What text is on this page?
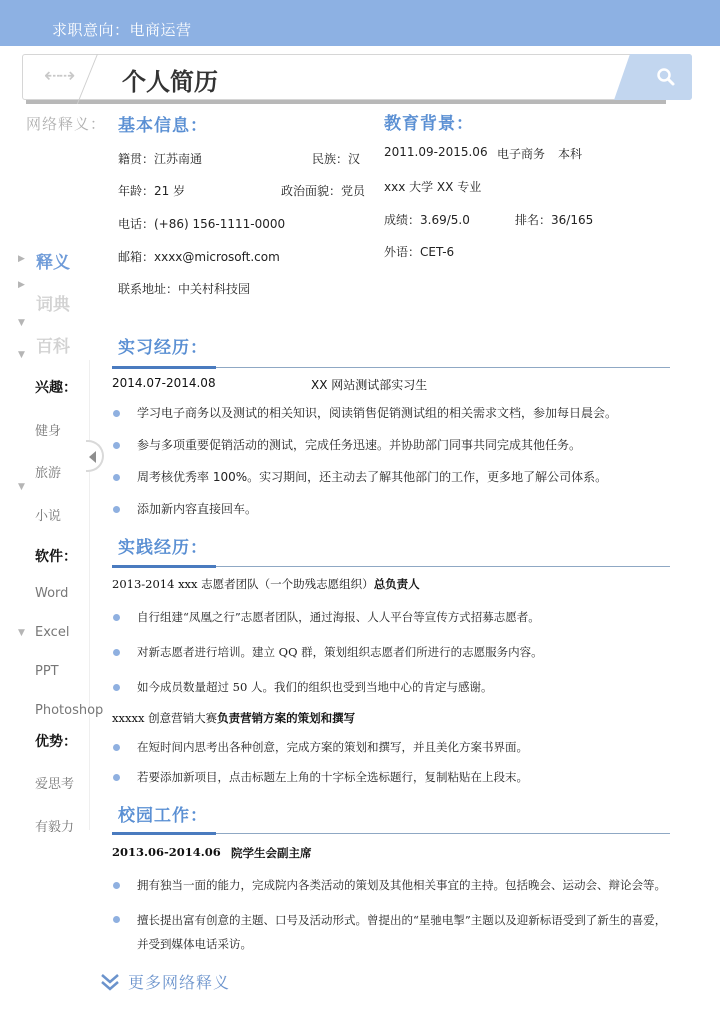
求职意向：电商运营
⇠⇢ 个人简历
网络释义：
▶ 释义
▶
词典
▼
百科
▼
▼
▼
兴趣：
健身
旅游
小说
软件：
Word
Excel
PPT
Photoshop
优势：
爱思考
有毅力
基本信息：
籍贯：江苏南通	民族：汉
年龄：21 岁	政治面貌：党员
电话：(+86) 156-1111-0000
邮箱：xxxx@microsoft.com
联系地址：中关村科技园
教育背景：
2011.09-2015.06 电子商务 本科
xxx 大学 XX 专业
成绩：3.69/5.0	排名：36/165
外语：CET-6
实习经历：
2014.07-2014.08	XX 网站测试部实习生
学习电子商务以及测试的相关知识，阅读销售促销测试组的相关需求文档，参加每日晨会。
参与多项重要促销活动的测试，完成任务迅速。并协助部门同事共同完成其他任务。
周考核优秀率 100%。实习期间，还主动去了解其他部门的工作，更多地了解公司体系。
添加新内容直接回车。
实践经历：
2013-2014 xxx 志愿者团队（一个助残志愿组织）总负责人
自行组建“凤凰之行”志愿者团队，通过海报、人人平台等宣传方式招募志愿者。
对新志愿者进行培训。建立 QQ 群，策划组织志愿者们所进行的志愿服务内容。
如今成员数量超过 50 人。我们的组织也受到当地中心的肯定与感谢。
xxxxx 创意营销大赛负责营销方案的策划和撰写
在短时间内思考出各种创意，完成方案的策划和撰写，并且美化方案书界面。
若要添加新项目，点击标题左上角的十字标全选标题行，复制粘贴在上段末。
校园工作：
2013.06-2014.06 院学生会副主席
拥有独当一面的能力，完成院内各类活动的策划及其他相关事宜的主持。包括晚会、运动会、辩论会等。
擅长提出富有创意的主题、口号及活动形式。曾提出的“星驰电掣”主题以及迎新标语受到了新生的喜爱，并受到媒体电话采访。
更多网络释义
